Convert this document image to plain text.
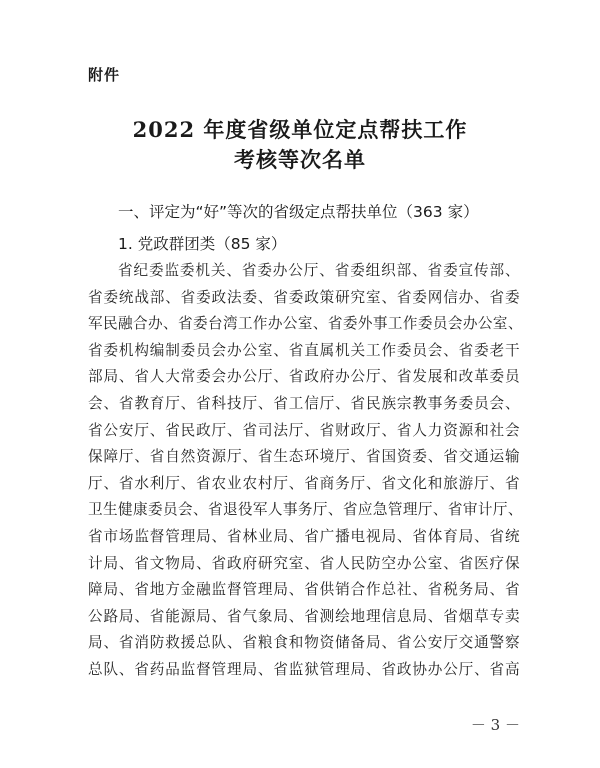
附件
2022 年度省级单位定点帮扶工作
考核等次名单
一、评定为“好”等次的省级定点帮扶单位（363 家）
1. 党政群团类（85 家）
省纪委监委机关、省委办公厅、省委组织部、省委宣传部、
省委统战部、省委政法委、省委政策研究室、省委网信办、省委
军民融合办、省委台湾工作办公室、省委外事工作委员会办公室、
省委机构编制委员会办公室、省直属机关工作委员会、省委老干
部局、省人大常委会办公厅、省政府办公厅、省发展和改革委员
会、省教育厅、省科技厅、省工信厅、省民族宗教事务委员会、
省公安厅、省民政厅、省司法厅、省财政厅、省人力资源和社会
保障厅、省自然资源厅、省生态环境厅、省国资委、省交通运输
厅、省水利厅、省农业农村厅、省商务厅、省文化和旅游厅、省
卫生健康委员会、省退役军人事务厅、省应急管理厅、省审计厅、
省市场监督管理局、省林业局、省广播电视局、省体育局、省统
计局、省文物局、省政府研究室、省人民防空办公室、省医疗保
障局、省地方金融监督管理局、省供销合作总社、省税务局、省
公路局、省能源局、省气象局、省测绘地理信息局、省烟草专卖
局、省消防救援总队、省粮食和物资储备局、省公安厅交通警察
总队、省药品监督管理局、省监狱管理局、省政协办公厅、省高
－ 3 －
